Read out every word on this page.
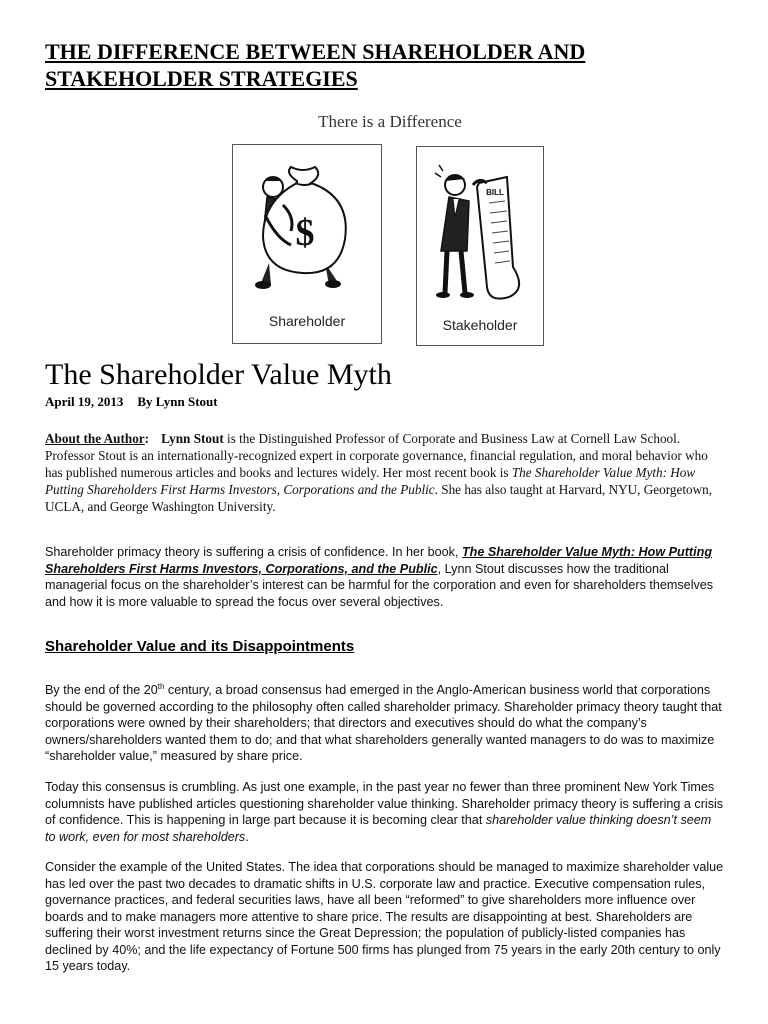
THE DIFFERENCE BETWEEN SHAREHOLDER AND STAKEHOLDER STRATEGIES
There is a Difference
$
Shareholder
BILL
Stakeholder
The Shareholder Value Myth
April 19, 2013 By Lynn Stout

About the Author: Lynn Stout is the Distinguished Professor of Corporate and Business Law at Cornell Law School. Professor Stout is an internationally-recognized expert in corporate governance, financial regulation, and moral behavior who has published numerous articles and books and lectures widely. Her most recent book is The Shareholder Value Myth: How Putting Shareholders First Harms Investors, Corporations and the Public. She has also taught at Harvard, NYU, Georgetown, UCLA, and George Washington University.

Shareholder primacy theory is suffering a crisis of confidence. In her book, The Shareholder Value Myth: How Putting Shareholders First Harms Investors, Corporations, and the Public, Lynn Stout discusses how the traditional managerial focus on the shareholder’s interest can be harmful for the corporation and even for shareholders themselves and how it is more valuable to spread the focus over several objectives.

Shareholder Value and its Disappointments

By the end of the 20th century, a broad consensus had emerged in the Anglo-American business world that corporations should be governed according to the philosophy often called shareholder primacy. Shareholder primacy theory taught that corporations were owned by their shareholders; that directors and executives should do what the company’s owners/shareholders wanted them to do; and that what shareholders generally wanted managers to do was to maximize “shareholder value,” measured by share price.

Today this consensus is crumbling. As just one example, in the past year no fewer than three prominent New York Times columnists have published articles questioning shareholder value thinking. Shareholder primacy theory is suffering a crisis of confidence. This is happening in large part because it is becoming clear that shareholder value thinking doesn’t seem to work, even for most shareholders.

Consider the example of the United States. The idea that corporations should be managed to maximize shareholder value has led over the past two decades to dramatic shifts in U.S. corporate law and practice. Executive compensation rules, governance practices, and federal securities laws, have all been “reformed” to give shareholders more influence over boards and to make managers more attentive to share price. The results are disappointing at best. Shareholders are suffering their worst investment returns since the Great Depression; the population of publicly-listed companies has declined by 40%; and the life expectancy of Fortune 500 firms has plunged from 75 years in the early 20th century to only 15 years today.
